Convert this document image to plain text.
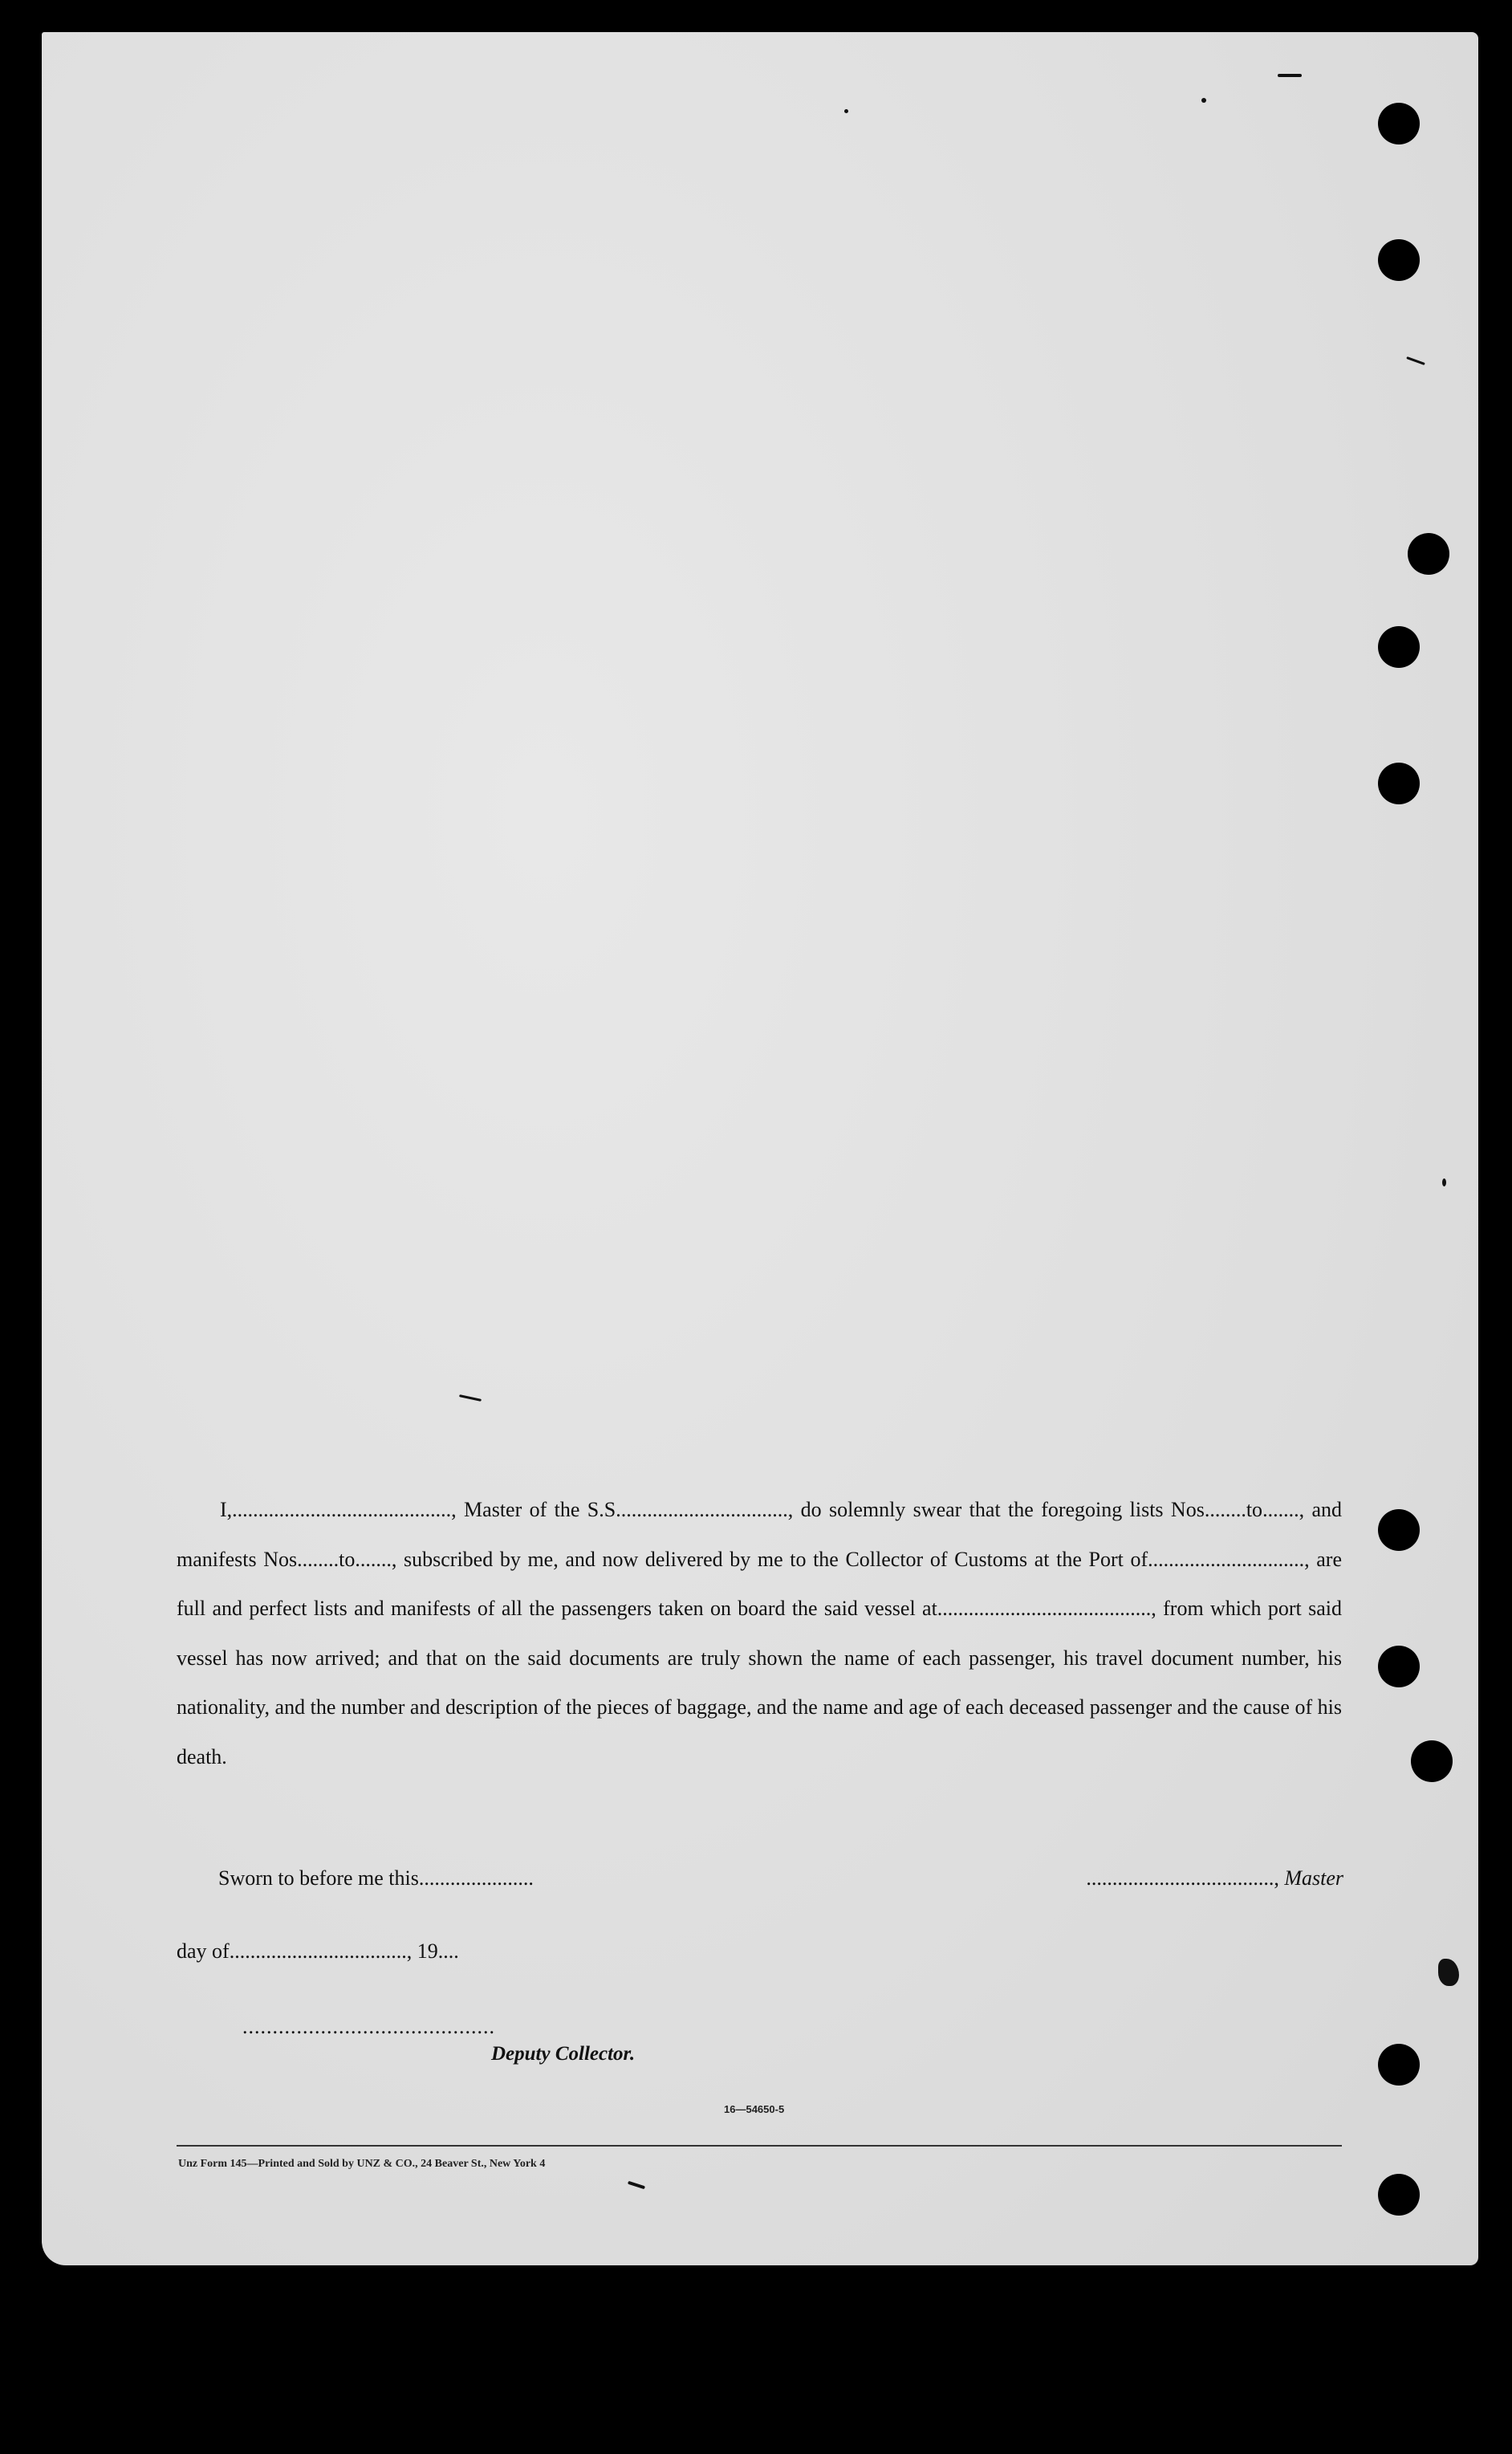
I,.........................................., Master of the S.S................................., do solemnly swear that the foregoing lists Nos........to......., and manifests Nos........to......., subscribed by me, and now delivered by me to the Collector of Customs at the Port of.............................., are full and perfect lists and manifests of all the passengers taken on board the said vessel at........................................., from which port said vessel has now arrived; and that on the said documents are truly shown the name of each passenger, his travel document number, his nationality, and the number and description of the pieces of baggage, and the name and age of each deceased passenger and the cause of his death.

Sworn to before me this......................	...................................., Master
day of.................................., 19....
..........................................
Deputy Collector.
16—54650-5
Unz Form 145—Printed and Sold by UNZ & CO., 24 Beaver St., New York 4
